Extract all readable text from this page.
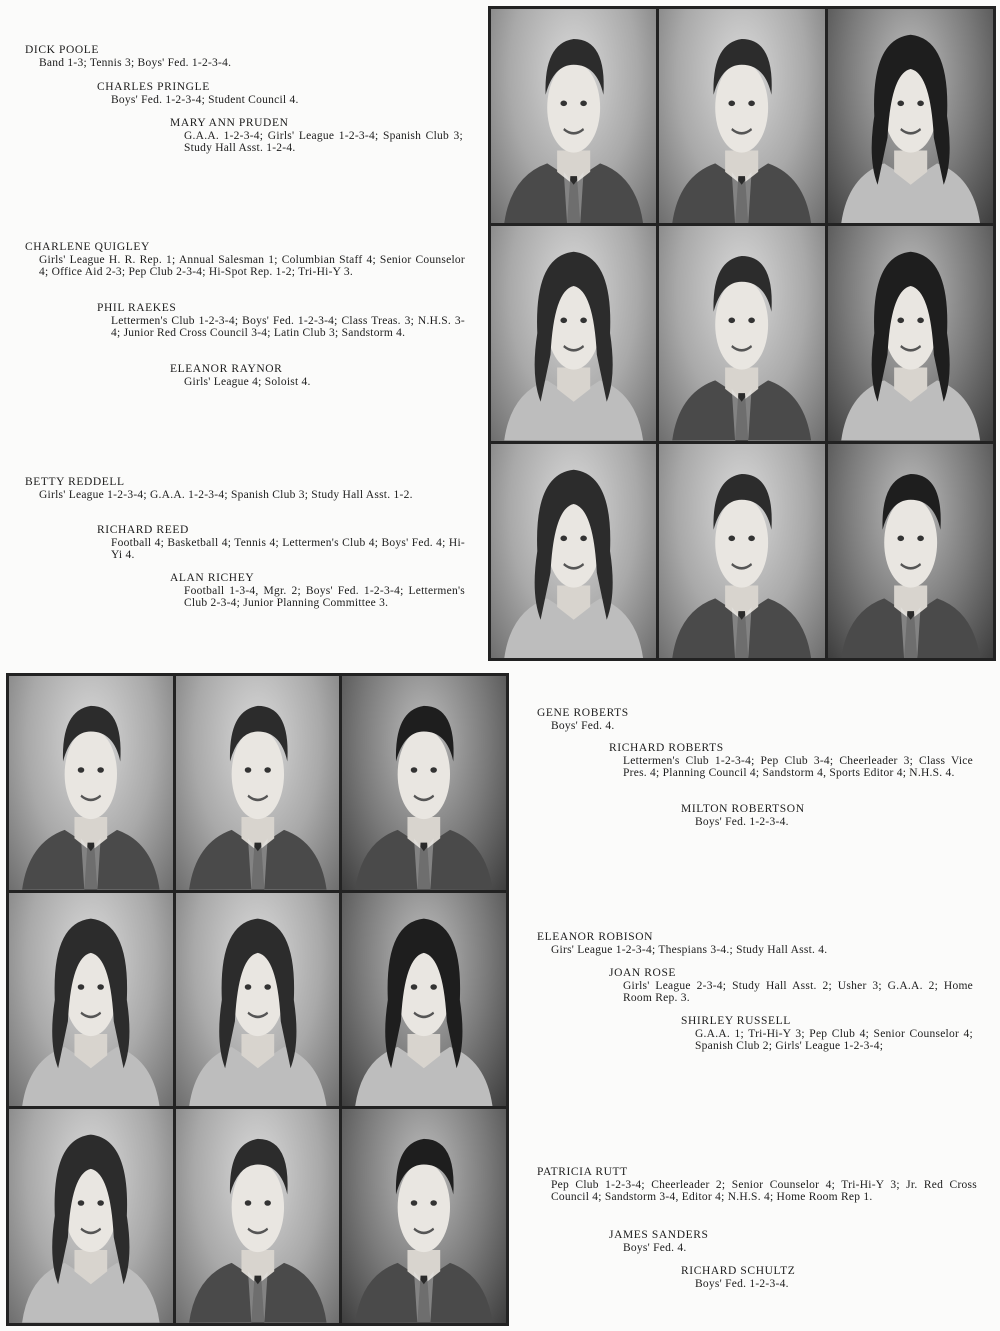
DICK POOLE
Band 1-3; Tennis 3; Boys' Fed. 1-2-3-4.
CHARLES PRINGLE
Boys' Fed. 1-2-3-4; Student Council 4.
MARY ANN PRUDEN
G.A.A. 1-2-3-4; Girls' League 1-2-3-4; Spanish Club 3; Study Hall Asst. 1-2-4.
CHARLENE QUIGLEY
Girls' League H. R. Rep. 1; Annual Salesman 1; Columbian Staff 4; Senior Counselor 4; Office Aid 2-3; Pep Club 2-3-4; Hi-Spot Rep. 1-2; Tri-Hi-Y 3.
PHIL RAEKES
Lettermen's Club 1-2-3-4; Boys' Fed. 1-2-3-4; Class Treas. 3; N.H.S. 3-4; Junior Red Cross Council 3-4; Latin Club 3; Sandstorm 4.
ELEANOR RAYNOR
Girls' League 4; Soloist 4.
BETTY REDDELL
Girls' League 1-2-3-4; G.A.A. 1-2-3-4; Spanish Club 3; Study Hall Asst. 1-2.
RICHARD REED
Football 4; Basketball 4; Tennis 4; Lettermen's Club 4; Boys' Fed. 4; Hi-Yi 4.
ALAN RICHEY
Football 1-3-4, Mgr. 2; Boys' Fed. 1-2-3-4; Lettermen's Club 2-3-4; Junior Planning Committee 3.
GENE ROBERTS
Boys' Fed. 4.
RICHARD ROBERTS
Lettermen's Club 1-2-3-4; Pep Club 3-4; Cheerleader 3; Class Vice Pres. 4; Planning Council 4; Sandstorm 4, Sports Editor 4; N.H.S. 4.
MILTON ROBERTSON
Boys' Fed. 1-2-3-4.
ELEANOR ROBISON
Girs' League 1-2-3-4; Thespians 3-4.; Study Hall Asst. 4.
JOAN ROSE
Girls' League 2-3-4; Study Hall Asst. 2; Usher 3; G.A.A. 2; Home Room Rep. 3.
SHIRLEY RUSSELL
G.A.A. 1; Tri-Hi-Y 3; Pep Club 4; Senior Counselor 4; Spanish Club 2; Girls' League 1-2-3-4;
PATRICIA RUTT
Pep Club 1-2-3-4; Cheerleader 2; Senior Counselor 4; Tri-Hi-Y 3; Jr. Red Cross Council 4; Sandstorm 3-4, Editor 4; N.H.S. 4; Home Room Rep 1.
JAMES SANDERS
Boys' Fed. 4.
RICHARD SCHULTZ
Boys' Fed. 1-2-3-4.
